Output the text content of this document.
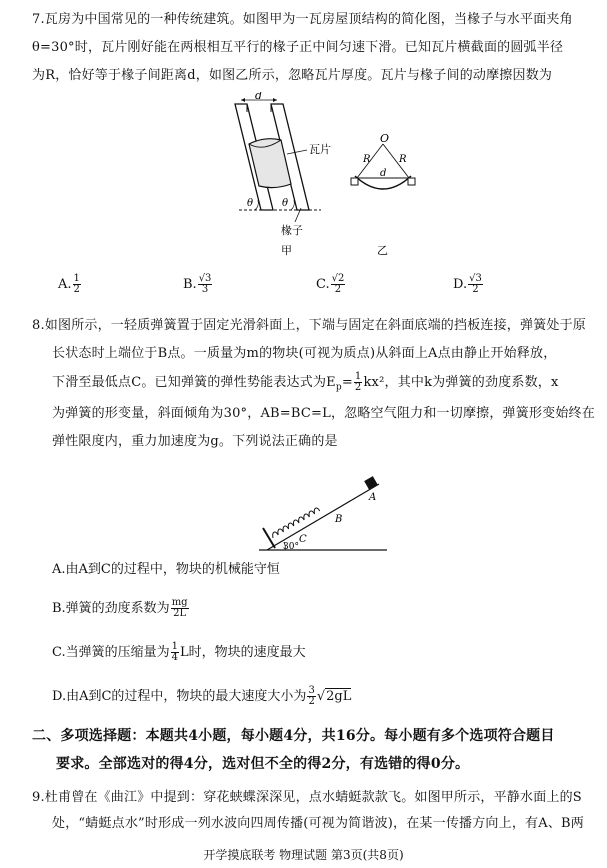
7.瓦房为中国常见的一种传统建筑。如图甲为一瓦房屋顶结构的简化图，当椽子与水平面夹角
θ=30°时，瓦片刚好能在两根相互平行的椽子正中间匀速下滑。已知瓦片横截面的圆弧半径
为R，恰好等于椽子间距离d，如图乙所示，忽略瓦片厚度。瓦片与椽子间的动摩擦因数为
d
瓦片
θ	θ
椽子
甲
O
R	R
d
乙
A. $\frac{1}{2}$	B. $\frac{√3}{3}$	C. $\frac{√2}{2}$	D. $\frac{√3}{2}$
8.如图所示，一轻质弹簧置于固定光滑斜面上，下端与固定在斜面底端的挡板连接，弹簧处于原
长状态时上端位于B点。一质量为m的物块(可视为质点)从斜面上A点由静止开始释放，
下滑至最低点C。已知弹簧的弹性势能表达式为$E_p= \frac{1}{2} kx^2$，其中k为弹簧的劲度系数，x
为弹簧的形变量，斜面倾角为30°，AB=BC=L，忽略空气阻力和一切摩擦，弹簧形变始终在
弹性限度内，重力加速度为g。下列说法正确的是
A
B
C
30°
A.由A到C的过程中，物块的机械能守恒
B.弹簧的劲度系数为 $\frac{mg}{2L}$
C.当弹簧的压缩量为 $\frac{1}{4}$ L时，物块的速度最大
D.由A到C的过程中，物块的最大速度大小为 $\frac{3}{2} √2gL$
二、多项选择题：本题共4小题，每小题4分，共16分。每小题有多个选项符合题目
要求。全部选对的得4分，选对但不全的得2分，有选错的得0分。
9.杜甫曾在《曲江》中提到：穿花蛱蝶深深见，点水蜻蜓款款飞。如图甲所示，平静水面上的S
处，“蜻蜓点水”时形成一列水波向四周传播(可视为简谐波)，在某一传播方向上，有A、B两
开学摸底联考 物理试题 第3页(共8页)
